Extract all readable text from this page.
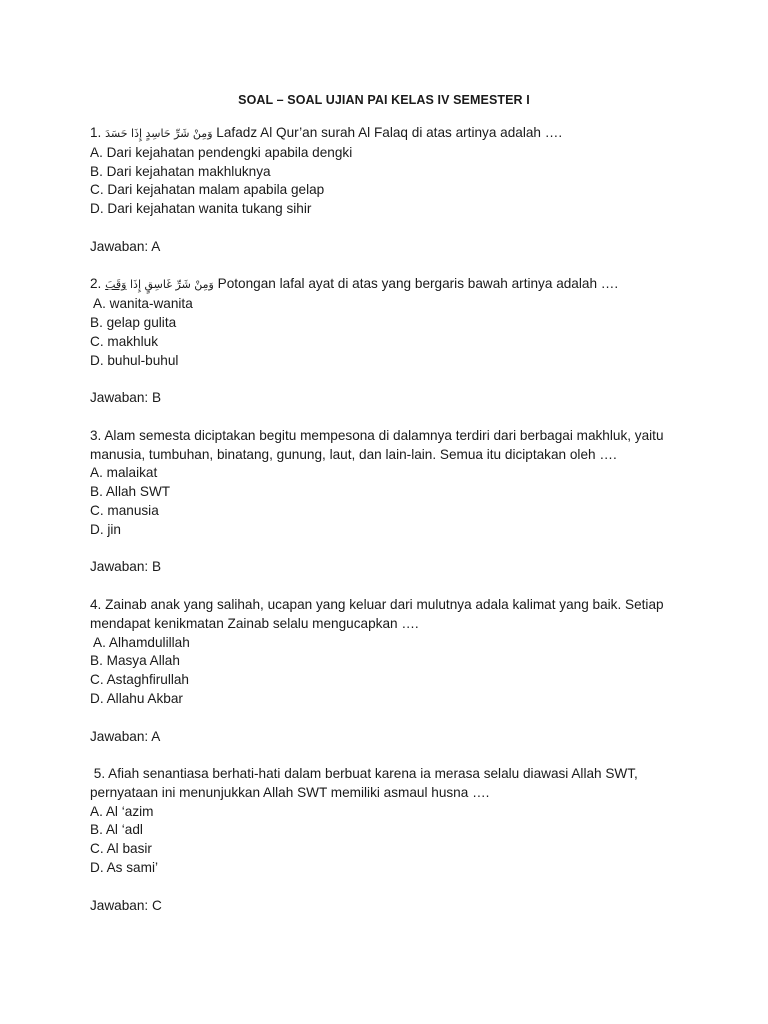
SOAL – SOAL UJIAN PAI KELAS IV SEMESTER I

1. وَمِنْ شَرِّ حَاسِدٍ إِذَا حَسَدَ Lafadz Al Qur’an surah Al Falaq di atas artinya adalah ….

A. Dari kejahatan pendengki apabila dengki

B. Dari kejahatan makhluknya

C. Dari kejahatan malam apabila gelap

D. Dari kejahatan wanita tukang sihir

Jawaban: A

2.	وَمِنْ شَرِّ غَاسِقٍ إِذَا وَقَبَ	Potongan lafal ayat di atas yang bergaris bawah artinya adalah ….

A. wanita-wanita

B. gelap gulita

C. makhluk

D. buhul-buhul

Jawaban: B

3. Alam semesta diciptakan begitu mempesona di dalamnya terdiri dari berbagai makhluk, yaitu

manusia, tumbuhan, binatang, gunung, laut, dan lain-lain. Semua itu diciptakan oleh ….

A. malaikat

B. Allah SWT

C. manusia

D. jin

Jawaban: B

4. Zainab anak yang salihah, ucapan yang keluar dari mulutnya adala kalimat yang baik. Setiap

mendapat kenikmatan Zainab selalu mengucapkan ….

A. Alhamdulillah

B. Masya Allah

C. Astaghfirullah

D. Allahu Akbar

Jawaban: A

5. Afiah senantiasa berhati-hati dalam berbuat karena ia merasa selalu diawasi Allah SWT,

pernyataan ini menunjukkan Allah SWT memiliki asmaul husna ….

A. Al ‘azim

B. Al ‘adl

C. Al basir

D. As sami’

Jawaban: C
